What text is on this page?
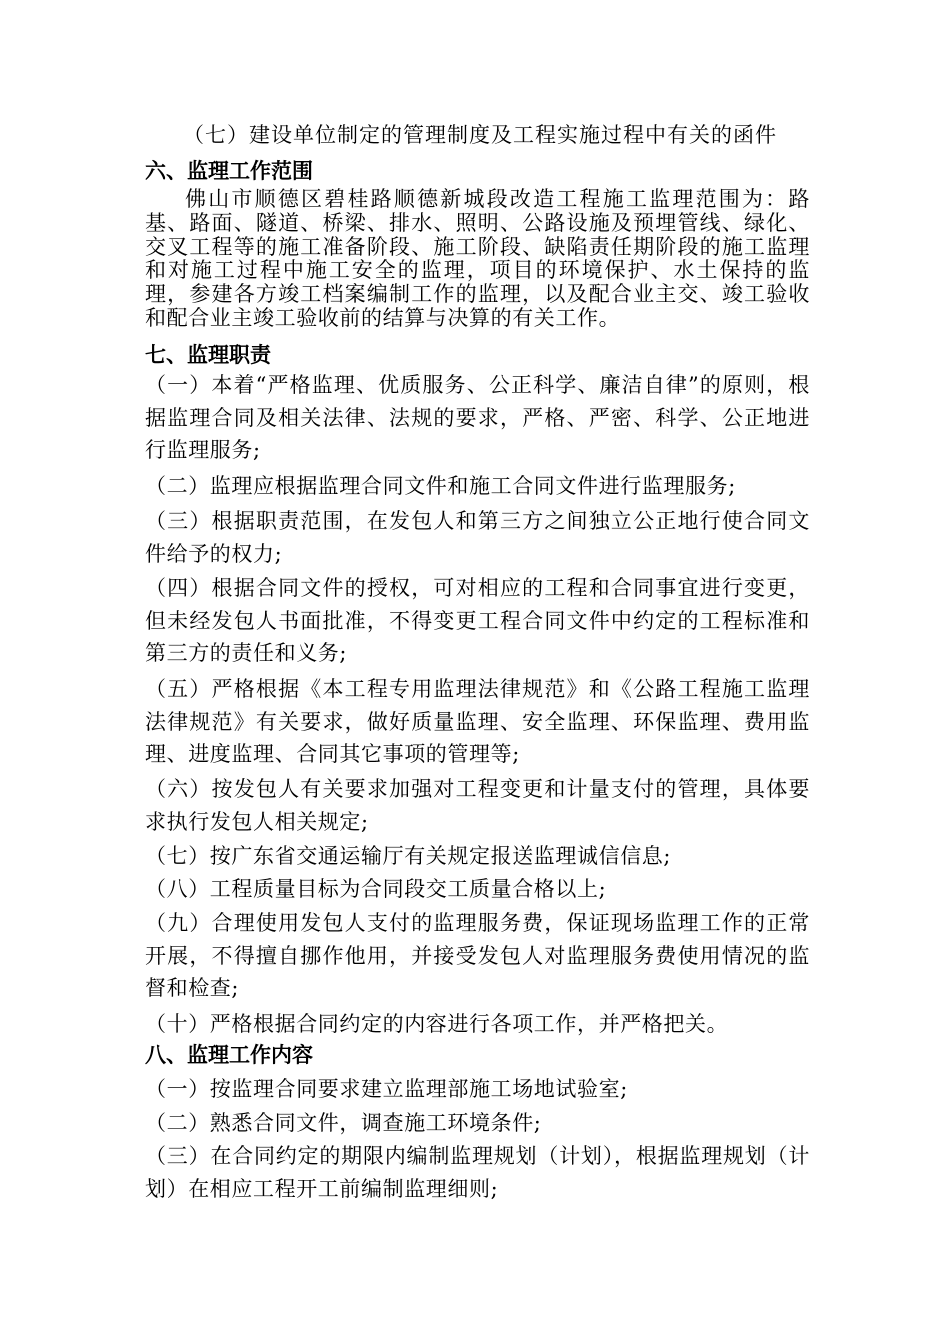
（七）建设单位制定的管理制度及工程实施过程中有关的函件
六、监理工作范围
佛山市顺德区碧桂路顺德新城段改造工程施工监理范围为：路基、路面、隧道、桥梁、排水、照明、公路设施及预埋管线、绿化、交叉工程等的施工准备阶段、施工阶段、缺陷责任期阶段的施工监理和对施工过程中施工安全的监理，项目的环境保护、水土保持的监理，参建各方竣工档案编制工作的监理，以及配合业主交、竣工验收和配合业主竣工验收前的结算与决算的有关工作。
七、监理职责
（一）本着“严格监理、优质服务、公正科学、廉洁自律”的原则，根据监理合同及相关法律、法规的要求，严格、严密、科学、公正地进行监理服务;
（二）监理应根据监理合同文件和施工合同文件进行监理服务;
（三）根据职责范围，在发包人和第三方之间独立公正地行使合同文件给予的权力;
（四）根据合同文件的授权，可对相应的工程和合同事宜进行变更，但未经发包人书面批准，不得变更工程合同文件中约定的工程标准和第三方的责任和义务;
（五）严格根据《本工程专用监理法律规范》和《公路工程施工监理法律规范》有关要求，做好质量监理、安全监理、环保监理、费用监理、进度监理、合同其它事项的管理等;
（六）按发包人有关要求加强对工程变更和计量支付的管理，具体要求执行发包人相关规定;
（七）按广东省交通运输厅有关规定报送监理诚信信息;
（八）工程质量目标为合同段交工质量合格以上;
（九）合理使用发包人支付的监理服务费，保证现场监理工作的正常开展，不得擅自挪作他用，并接受发包人对监理服务费使用情况的监督和检查;
（十）严格根据合同约定的内容进行各项工作，并严格把关。
八、监理工作内容
（一）按监理合同要求建立监理部施工场地试验室;
（二）熟悉合同文件，调查施工环境条件;
（三）在合同约定的期限内编制监理规划（计划），根据监理规划（计划）在相应工程开工前编制监理细则;
